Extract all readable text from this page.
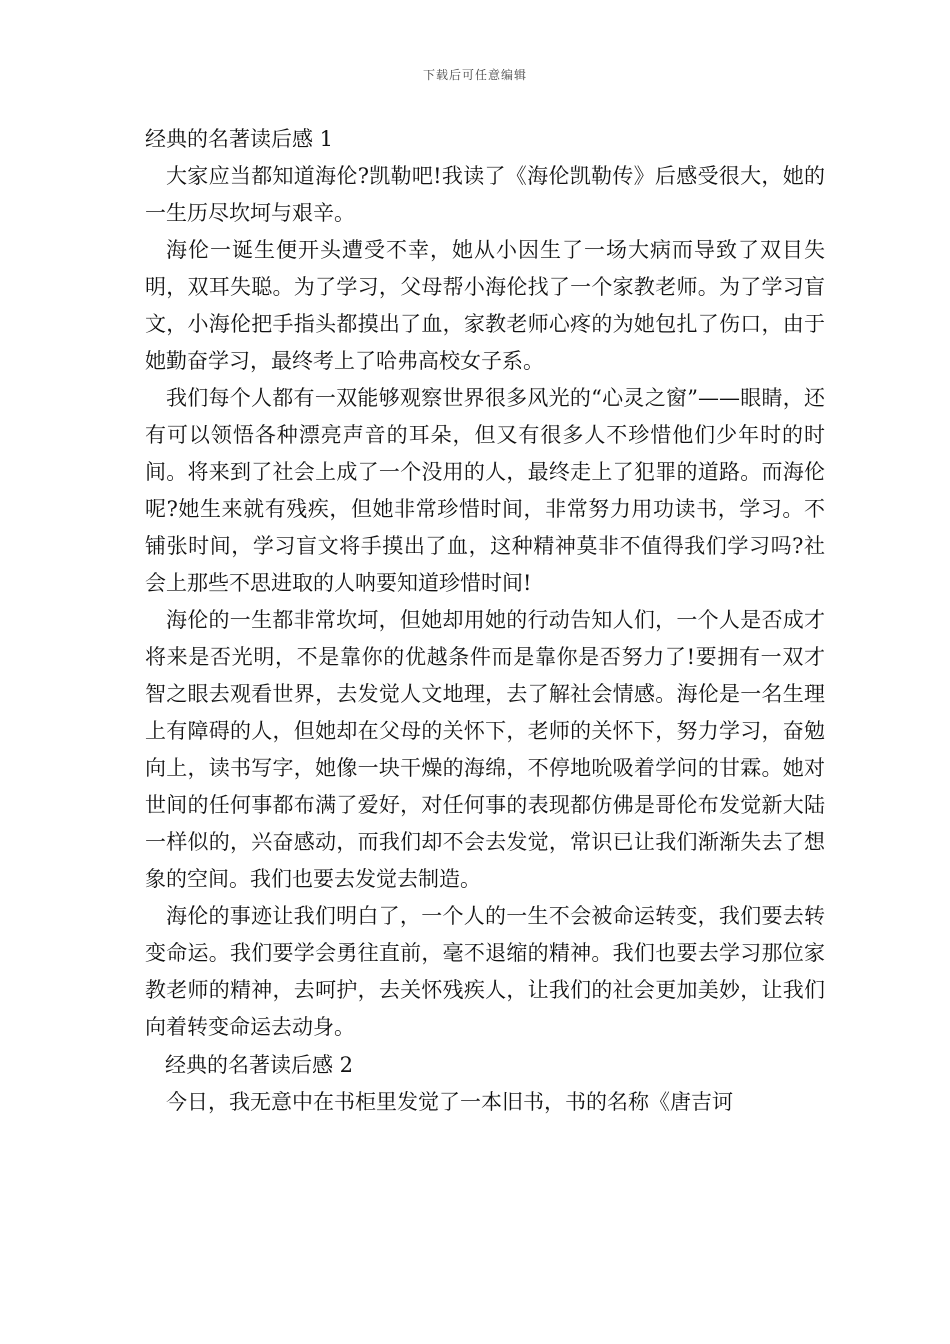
下载后可任意编辑
经典的名著读后感 1

大家应当都知道海伦?凯勒吧!我读了《海伦凯勒传》后感受很大，她的一生历尽坎坷与艰辛。

海伦一诞生便开头遭受不幸，她从小因生了一场大病而导致了双目失明，双耳失聪。为了学习，父母帮小海伦找了一个家教老师。为了学习盲文，小海伦把手指头都摸出了血，家教老师心疼的为她包扎了伤口，由于她勤奋学习，最终考上了哈弗高校女子系。

我们每个人都有一双能够观察世界很多风光的“心灵之窗”——眼睛，还有可以领悟各种漂亮声音的耳朵，但又有很多人不珍惜他们少年时的时间。将来到了社会上成了一个没用的人，最终走上了犯罪的道路。而海伦呢?她生来就有残疾，但她非常珍惜时间，非常努力用功读书，学习。不铺张时间，学习盲文将手摸出了血，这种精神莫非不值得我们学习吗?社会上那些不思进取的人呐要知道珍惜时间!

海伦的一生都非常坎坷，但她却用她的行动告知人们，一个人是否成才将来是否光明，不是靠你的优越条件而是靠你是否努力了!要拥有一双才智之眼去观看世界，去发觉人文地理，去了解社会情感。海伦是一名生理上有障碍的人，但她却在父母的关怀下，老师的关怀下，努力学习，奋勉向上，读书写字，她像一块干燥的海绵，不停地吮吸着学问的甘霖。她对世间的任何事都布满了爱好，对任何事的表现都仿佛是哥伦布发觉新大陆一样似的，兴奋感动，而我们却不会去发觉，常识已让我们渐渐失去了想象的空间。我们也要去发觉去制造。

海伦的事迹让我们明白了，一个人的一生不会被命运转变，我们要去转变命运。我们要学会勇往直前，毫不退缩的精神。我们也要去学习那位家教老师的精神，去呵护，去关怀残疾人，让我们的社会更加美妙，让我们向着转变命运去动身。

经典的名著读后感 2

今日，我无意中在书柜里发觉了一本旧书，书的名称《唐吉诃
